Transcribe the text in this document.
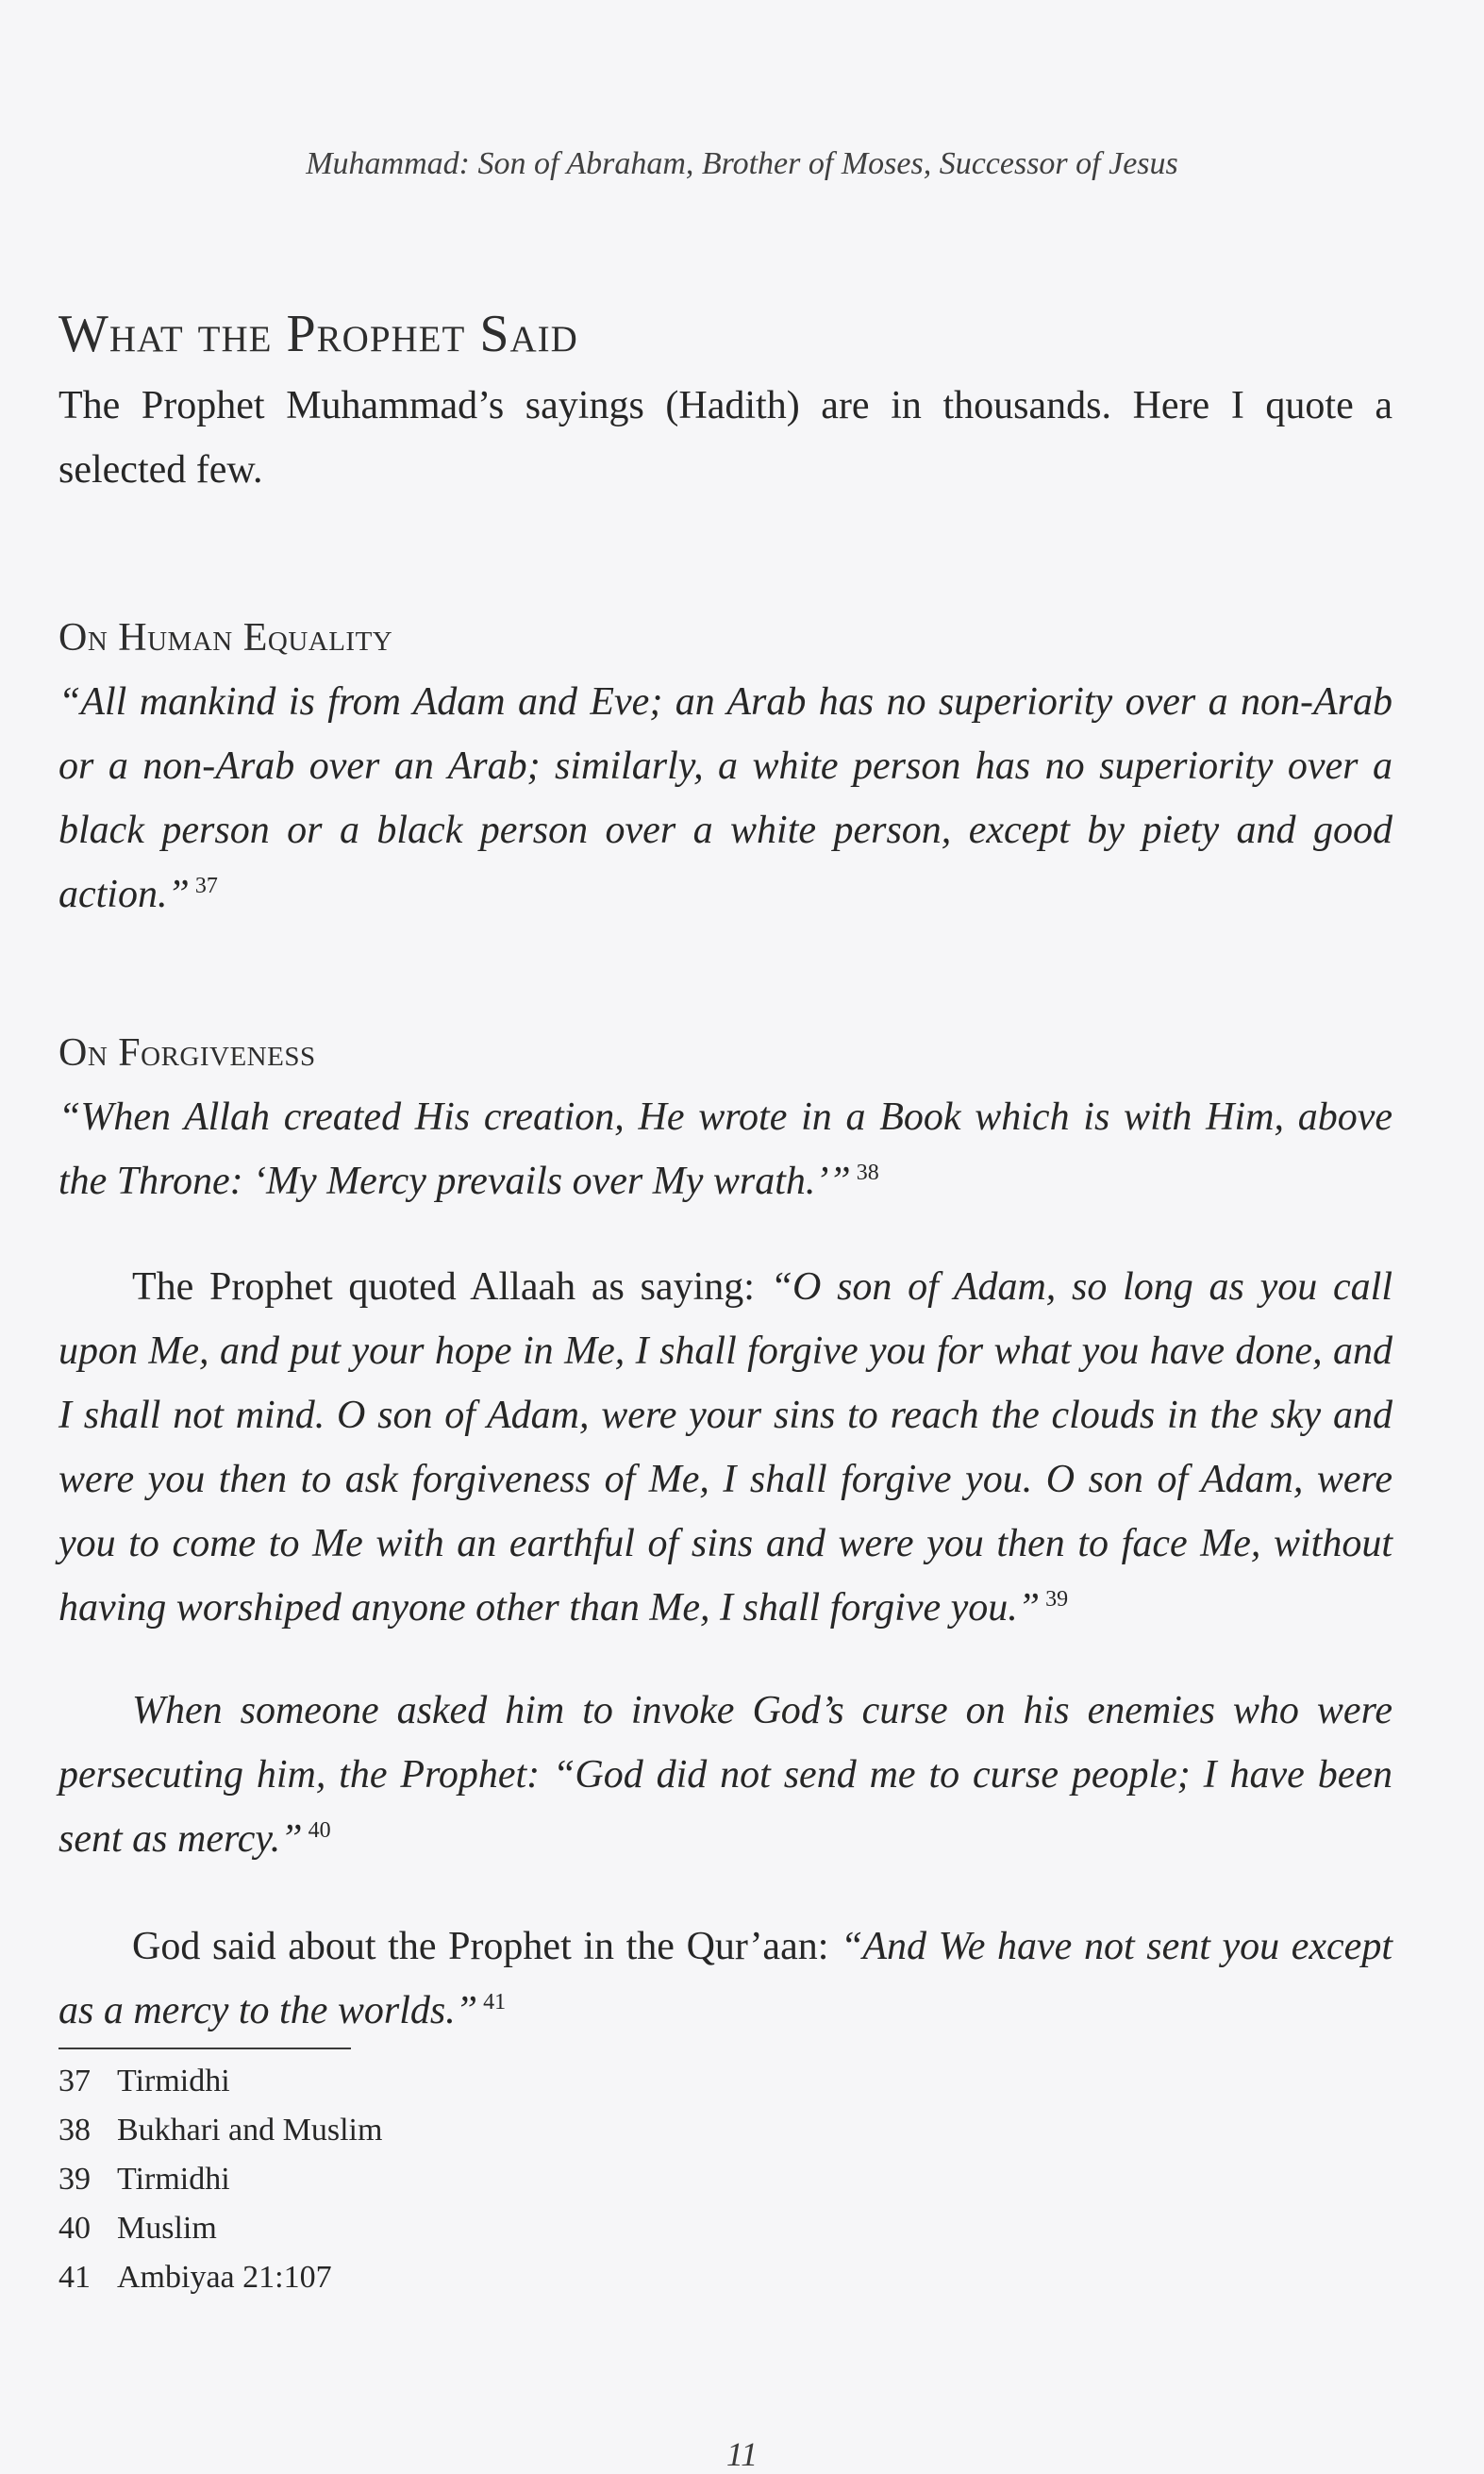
Muhammad: Son of Abraham, Brother of Moses, Successor of Jesus
What the Prophet Said
The Prophet Muhammad’s sayings (Hadith) are in thousands. Here I quote a selected few.
On Human Equality
“All mankind is from Adam and Eve; an Arab has no superiority over a non-Arab or a non-Arab over an Arab; similarly, a white person has no superiority over a black person or a black person over a white person, except by piety and good action.” $^{37}$
On Forgiveness
“When Allah created His creation, He wrote in a Book which is with Him, above the Throne: ‘My Mercy prevails over My wrath.’” $^{38}$
The Prophet quoted Allaah as saying: “O son of Adam, so long as you call upon Me, and put your hope in Me, I shall forgive you for what you have done, and I shall not mind. O son of Adam, were your sins to reach the clouds in the sky and were you then to ask forgiveness of Me, I shall forgive you. O son of Adam, were you to come to Me with an earthful of sins and were you then to face Me, without having worshiped anyone other than Me, I shall forgive you.” $^{39}$
When someone asked him to invoke God’s curse on his enemies who were persecuting him, the Prophet: “God did not send me to curse people; I have been sent as mercy.” $^{40}$
God said about the Prophet in the Qur’aan: “And We have not sent you except as a mercy to the worlds.” $^{41}$
37 Tirmidhi
38 Bukhari and Muslim
39 Tirmidhi
40 Muslim
41 Ambiyaa 21:107
11
